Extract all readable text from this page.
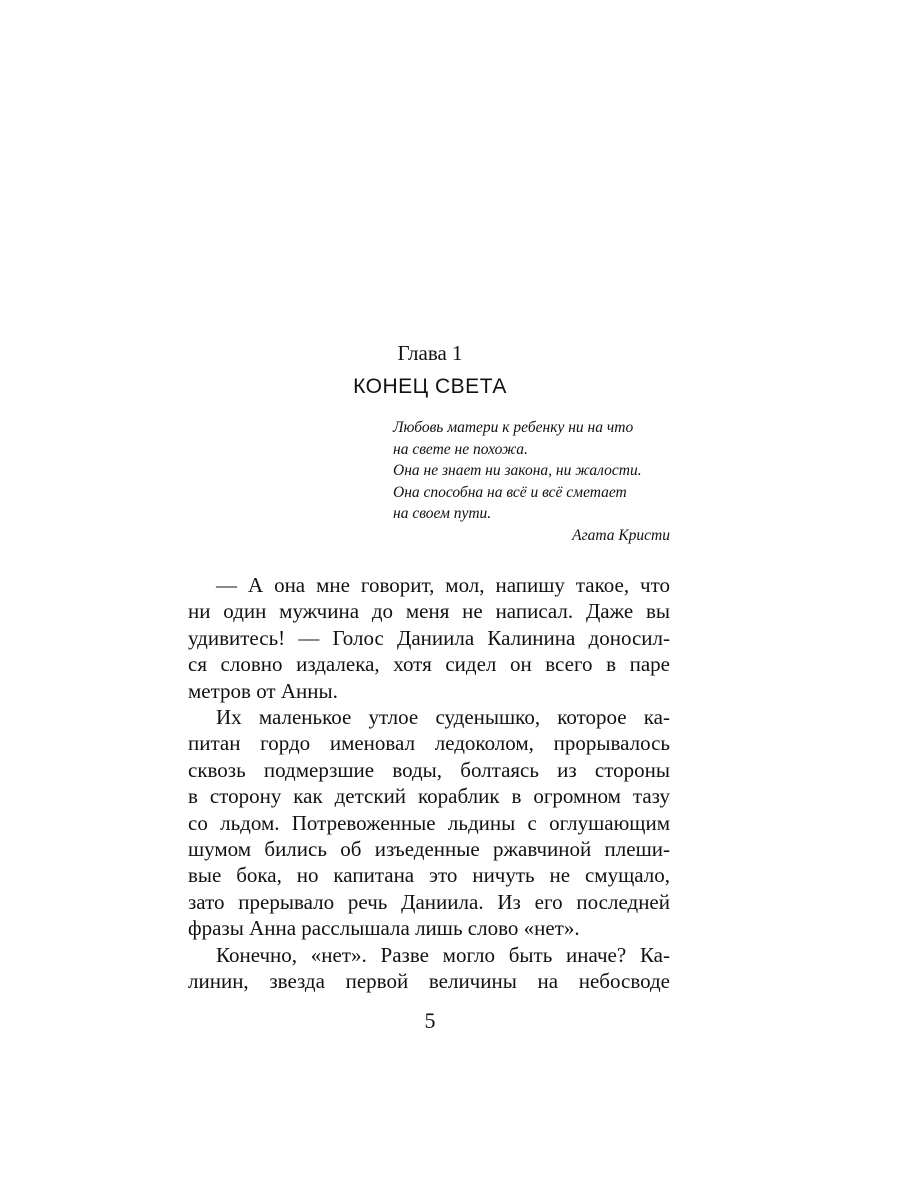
Глава 1
КОНЕЦ СВЕТА
Любовь матери к ребенку ни на что
на свете не похожа.
Она не знает ни закона, ни жалости.
Она способна на всё и всё сметает
на своем пути.
Агата Кристи
— А она мне говорит, мол, напишу такое, что
ни один мужчина до меня не написал. Даже вы
удивитесь! — Голос Даниила Калинина доносил-
ся словно издалека, хотя сидел он всего в паре
метров от Анны.
Их маленькое утлое суденышко, которое ка-
питан гордо именовал ледоколом, прорывалось
сквозь подмерзшие воды, болтаясь из стороны
в сторону как детский кораблик в огромном тазу
со льдом. Потревоженные льдины с оглушающим
шумом бились об изъеденные ржавчиной плеши-
вые бока, но капитана это ничуть не смущало,
зато прерывало речь Даниила. Из его последней
фразы Анна расслышала лишь слово «нет».
Конечно, «нет». Разве могло быть иначе? Ка-
линин, звезда первой величины на небосводе
5
